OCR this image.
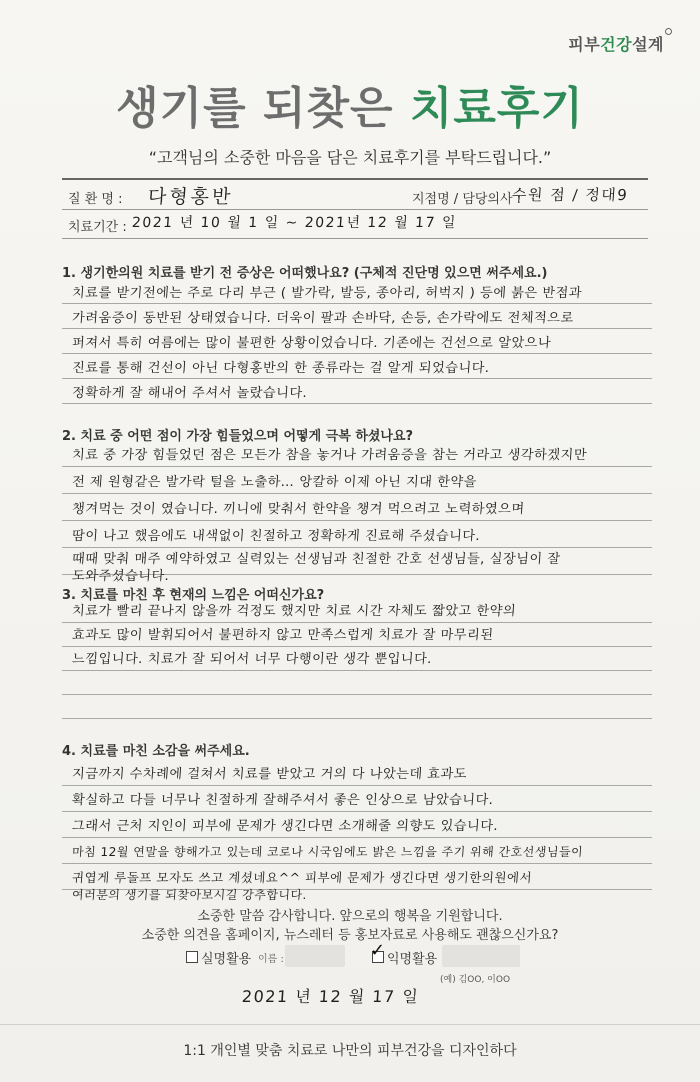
피부건강설계
생기를 되찾은 치료후기
“고객님의 소중한 마음을 담은 치료후기를 부탁드립니다.”
질 환 명 : 다형홍반	지점명 / 담당의사 :
수원 점 / 정대9
치료기간 : 2021 년 10 월 1 일 ~ 2021년 12 월 17 일
1. 생기한의원 치료를 받기 전 증상은 어떠했나요? (구체적 진단명 있으면 써주세요.)
치료를 받기전에는 주로 다리 부근 ( 발가락, 발등, 종아리, 허벅지 ) 등에 붉은 반점과
가려움증이 동반된 상태였습니다. 더욱이 팔과 손바닥, 손등, 손가락에도 전체적으로
퍼져서 특히 여름에는 많이 불편한 상황이었습니다. 기존에는 건선으로 알았으나
진료를 통해 건선이 아닌 다형홍반의 한 종류라는 걸 알게 되었습니다.
정확하게 잘 해내어 주셔서 놀랐습니다.
2. 치료 중 어떤 점이 가장 힘들었으며 어떻게 극복 하셨나요?
치료 중 가장 힘들었던 점은 모든가 참을 놓거나 가려움증을 참는 거라고 생각하겠지만
전 제 원형같은 발가락 털을 노출하… 앙칼하 이제 아닌 지대 한약을
챙겨먹는 것이 였습니다. 끼니에 맞춰서 한약을 챙겨 먹으려고 노력하였으며
땀이 나고 했음에도 내색없이 친절하고 정확하게 진료해 주셨습니다.
때때 맞춰 매주 예약하였고 실력있는 선생님과 친절한 간호 선생님들, 실장님이 잘
도와주셨습니다.
3. 치료를 마친 후 현재의 느낌은 어떠신가요?
치료가 빨리 끝나지 않을까 걱정도 했지만 치료 시간 자체도 짧았고 한약의
효과도 많이 발휘되어서 불편하지 않고 만족스럽게 치료가 잘 마무리된
느낌입니다. 치료가 잘 되어서 너무 다행이란 생각 뿐입니다.
4. 치료를 마친 소감을 써주세요.
지금까지 수차례에 걸쳐서 치료를 받았고 거의 다 나았는데 효과도
확실하고 다들 너무나 친절하게 잘해주셔서 좋은 인상으로 남았습니다.
그래서 근처 지인이 피부에 문제가 생긴다면 소개해줄 의향도 있습니다.
마침 12월 연말을 향해가고 있는데 코로나 시국임에도 밝은 느낌을 주기 위해 간호선생님들이
귀엽게 루돌프 모자도 쓰고 계셨네요^^ 피부에 문제가 생긴다면 생기한의원에서
여러분의 생기를 되찾아보시길 강추합니다.
소중한 말씀 감사합니다. 앞으로의 행복을 기원합니다.
소중한 의견을 홈페이지, 뉴스레터 등 홍보자료로 사용해도 괜찮으신가요?
실명활용 이름 :	✓ 익명활용
(예) 김OO, 이OO
2021 년 12 월 17 일
1:1 개인별 맞춤 치료로 나만의 피부건강을 디자인하다
